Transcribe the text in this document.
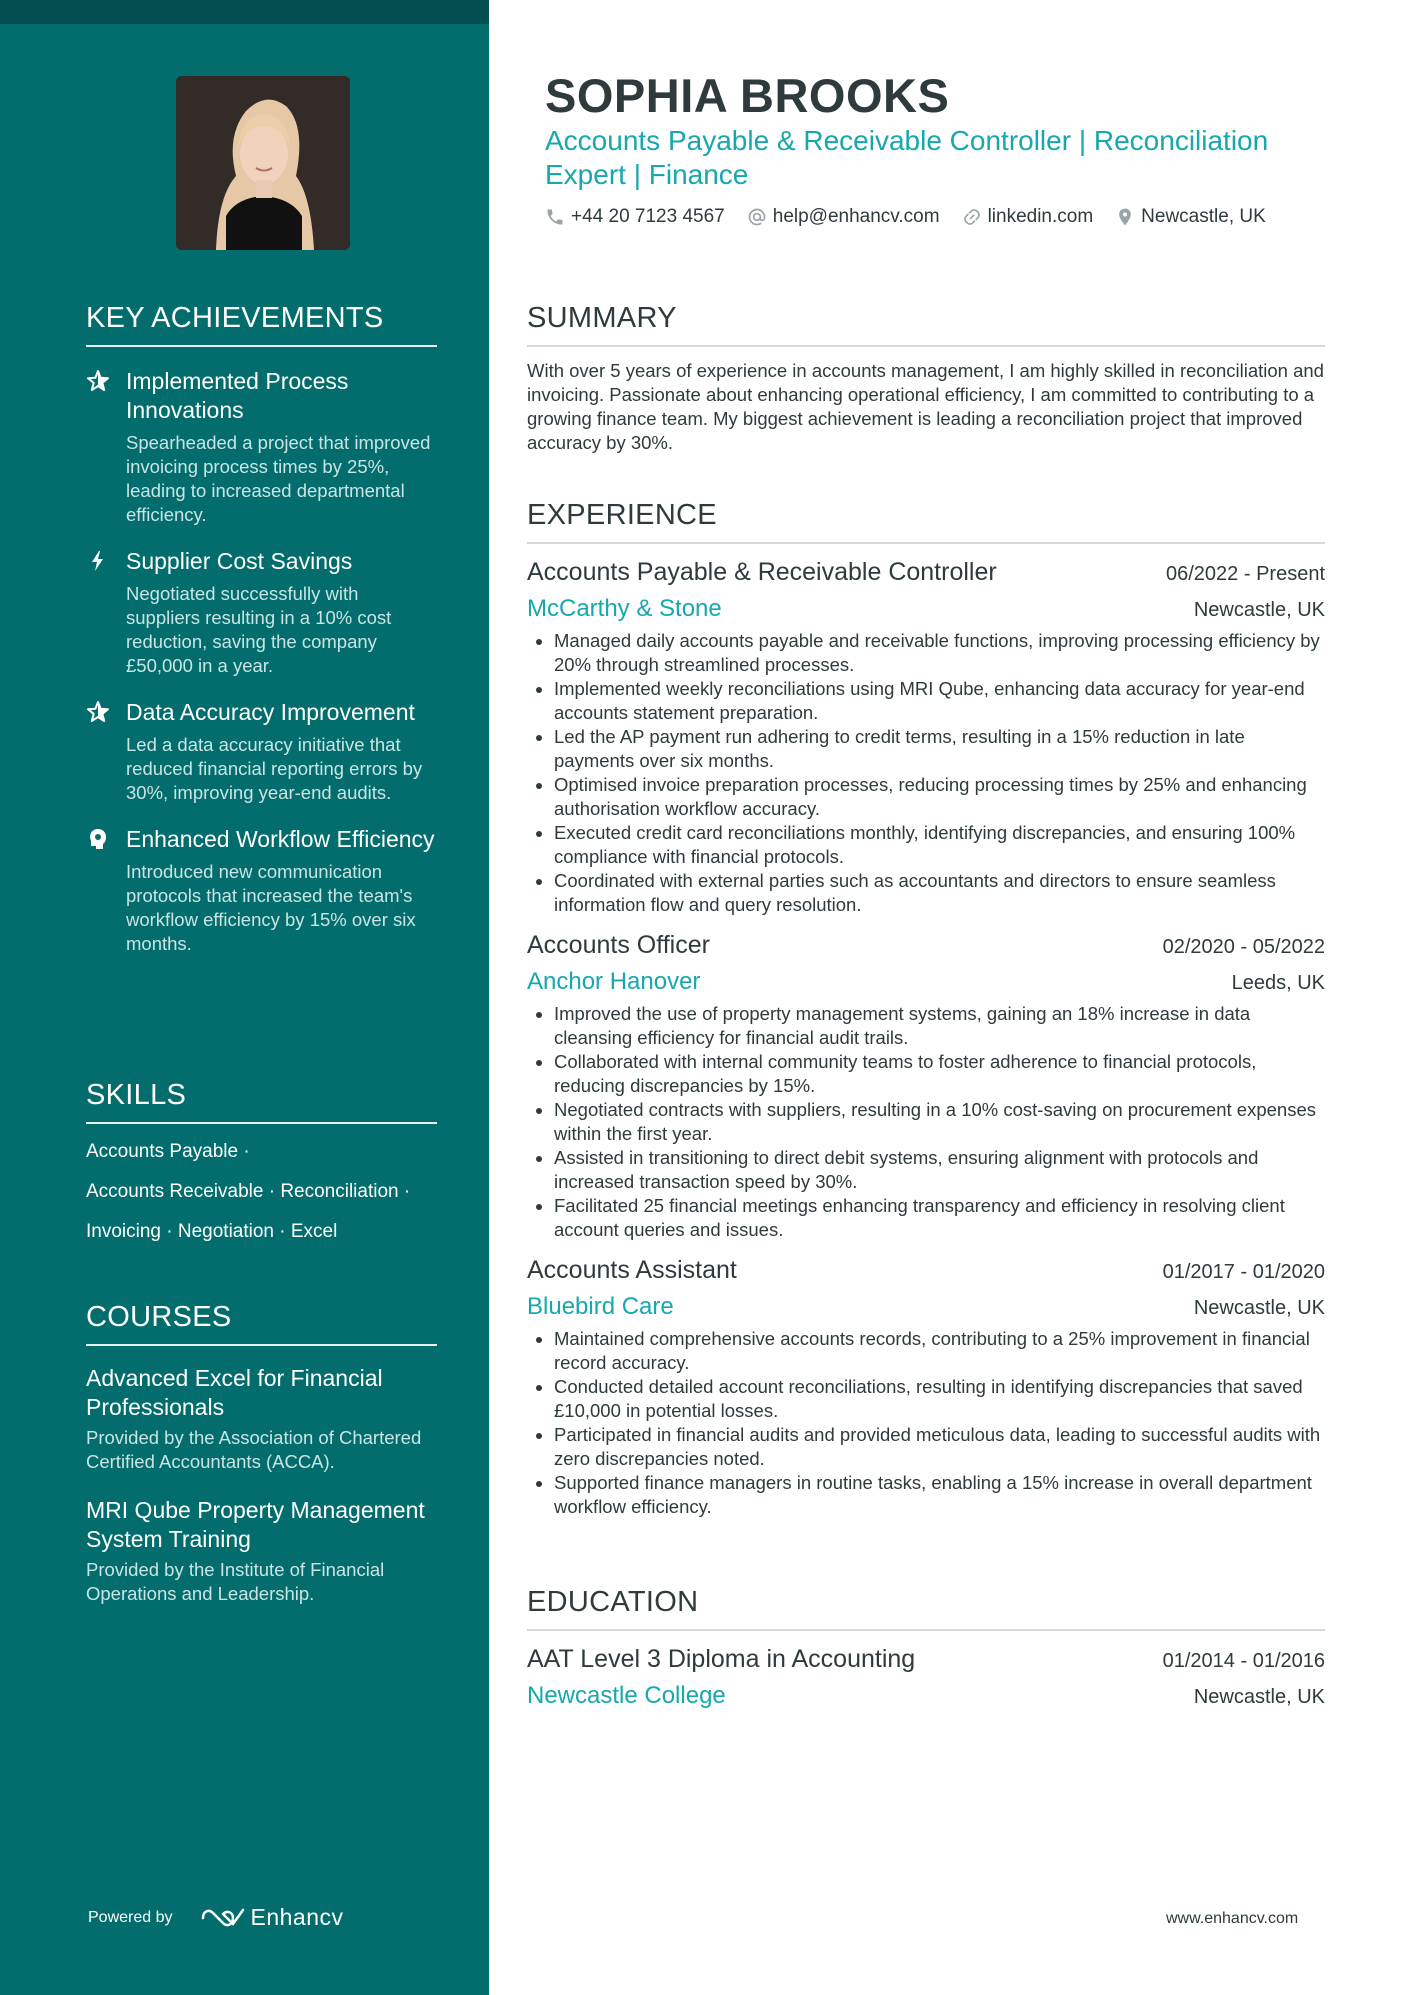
KEY ACHIEVEMENTS
Implemented Process Innovations
Spearheaded a project that improved invoicing process times by 25%, leading to increased departmental efficiency.
Supplier Cost Savings
Negotiated successfully with suppliers resulting in a 10% cost reduction, saving the company £50,000 in a year.
Data Accuracy Improvement
Led a data accuracy initiative that reduced financial reporting errors by 30%, improving year-end audits.
Enhanced Workflow Efficiency
Introduced new communication protocols that increased the team's workflow efficiency by 15% over six months.
SKILLS
Accounts Payable ·
Accounts Receivable · Reconciliation ·
Invoicing · Negotiation · Excel
COURSES
Advanced Excel for Financial Professionals
Provided by the Association of Chartered Certified Accountants (ACCA).
MRI Qube Property Management System Training
Provided by the Institute of Financial Operations and Leadership.
Powered by	Enhancv
SOPHIA BROOKS
Accounts Payable & Receivable Controller | Reconciliation Expert | Finance
+44 20 7123 4567	help@enhancv.com	linkedin.com	Newcastle, UK
SUMMARY
With over 5 years of experience in accounts management, I am highly skilled in reconciliation and invoicing. Passionate about enhancing operational efficiency, I am committed to contributing to a growing finance team. My biggest achievement is leading a reconciliation project that improved accuracy by 30%.
EXPERIENCE
Accounts Payable & Receivable Controller	06/2022 - Present
McCarthy & Stone	Newcastle, UK
• Managed daily accounts payable and receivable functions, improving processing efficiency by 20% through streamlined processes.
• Implemented weekly reconciliations using MRI Qube, enhancing data accuracy for year-end accounts statement preparation.
• Led the AP payment run adhering to credit terms, resulting in a 15% reduction in late payments over six months.
• Optimised invoice preparation processes, reducing processing times by 25% and enhancing authorisation workflow accuracy.
• Executed credit card reconciliations monthly, identifying discrepancies, and ensuring 100% compliance with financial protocols.
• Coordinated with external parties such as accountants and directors to ensure seamless information flow and query resolution.
Accounts Officer	02/2020 - 05/2022
Anchor Hanover	Leeds, UK
• Improved the use of property management systems, gaining an 18% increase in data cleansing efficiency for financial audit trails.
• Collaborated with internal community teams to foster adherence to financial protocols, reducing discrepancies by 15%.
• Negotiated contracts with suppliers, resulting in a 10% cost-saving on procurement expenses within the first year.
• Assisted in transitioning to direct debit systems, ensuring alignment with protocols and increased transaction speed by 30%.
• Facilitated 25 financial meetings enhancing transparency and efficiency in resolving client account queries and issues.
Accounts Assistant	01/2017 - 01/2020
Bluebird Care	Newcastle, UK
• Maintained comprehensive accounts records, contributing to a 25% improvement in financial record accuracy.
• Conducted detailed account reconciliations, resulting in identifying discrepancies that saved £10,000 in potential losses.
• Participated in financial audits and provided meticulous data, leading to successful audits with zero discrepancies noted.
• Supported finance managers in routine tasks, enabling a 15% increase in overall department workflow efficiency.
EDUCATION
AAT Level 3 Diploma in Accounting	01/2014 - 01/2016
Newcastle College	Newcastle, UK
www.enhancv.com
